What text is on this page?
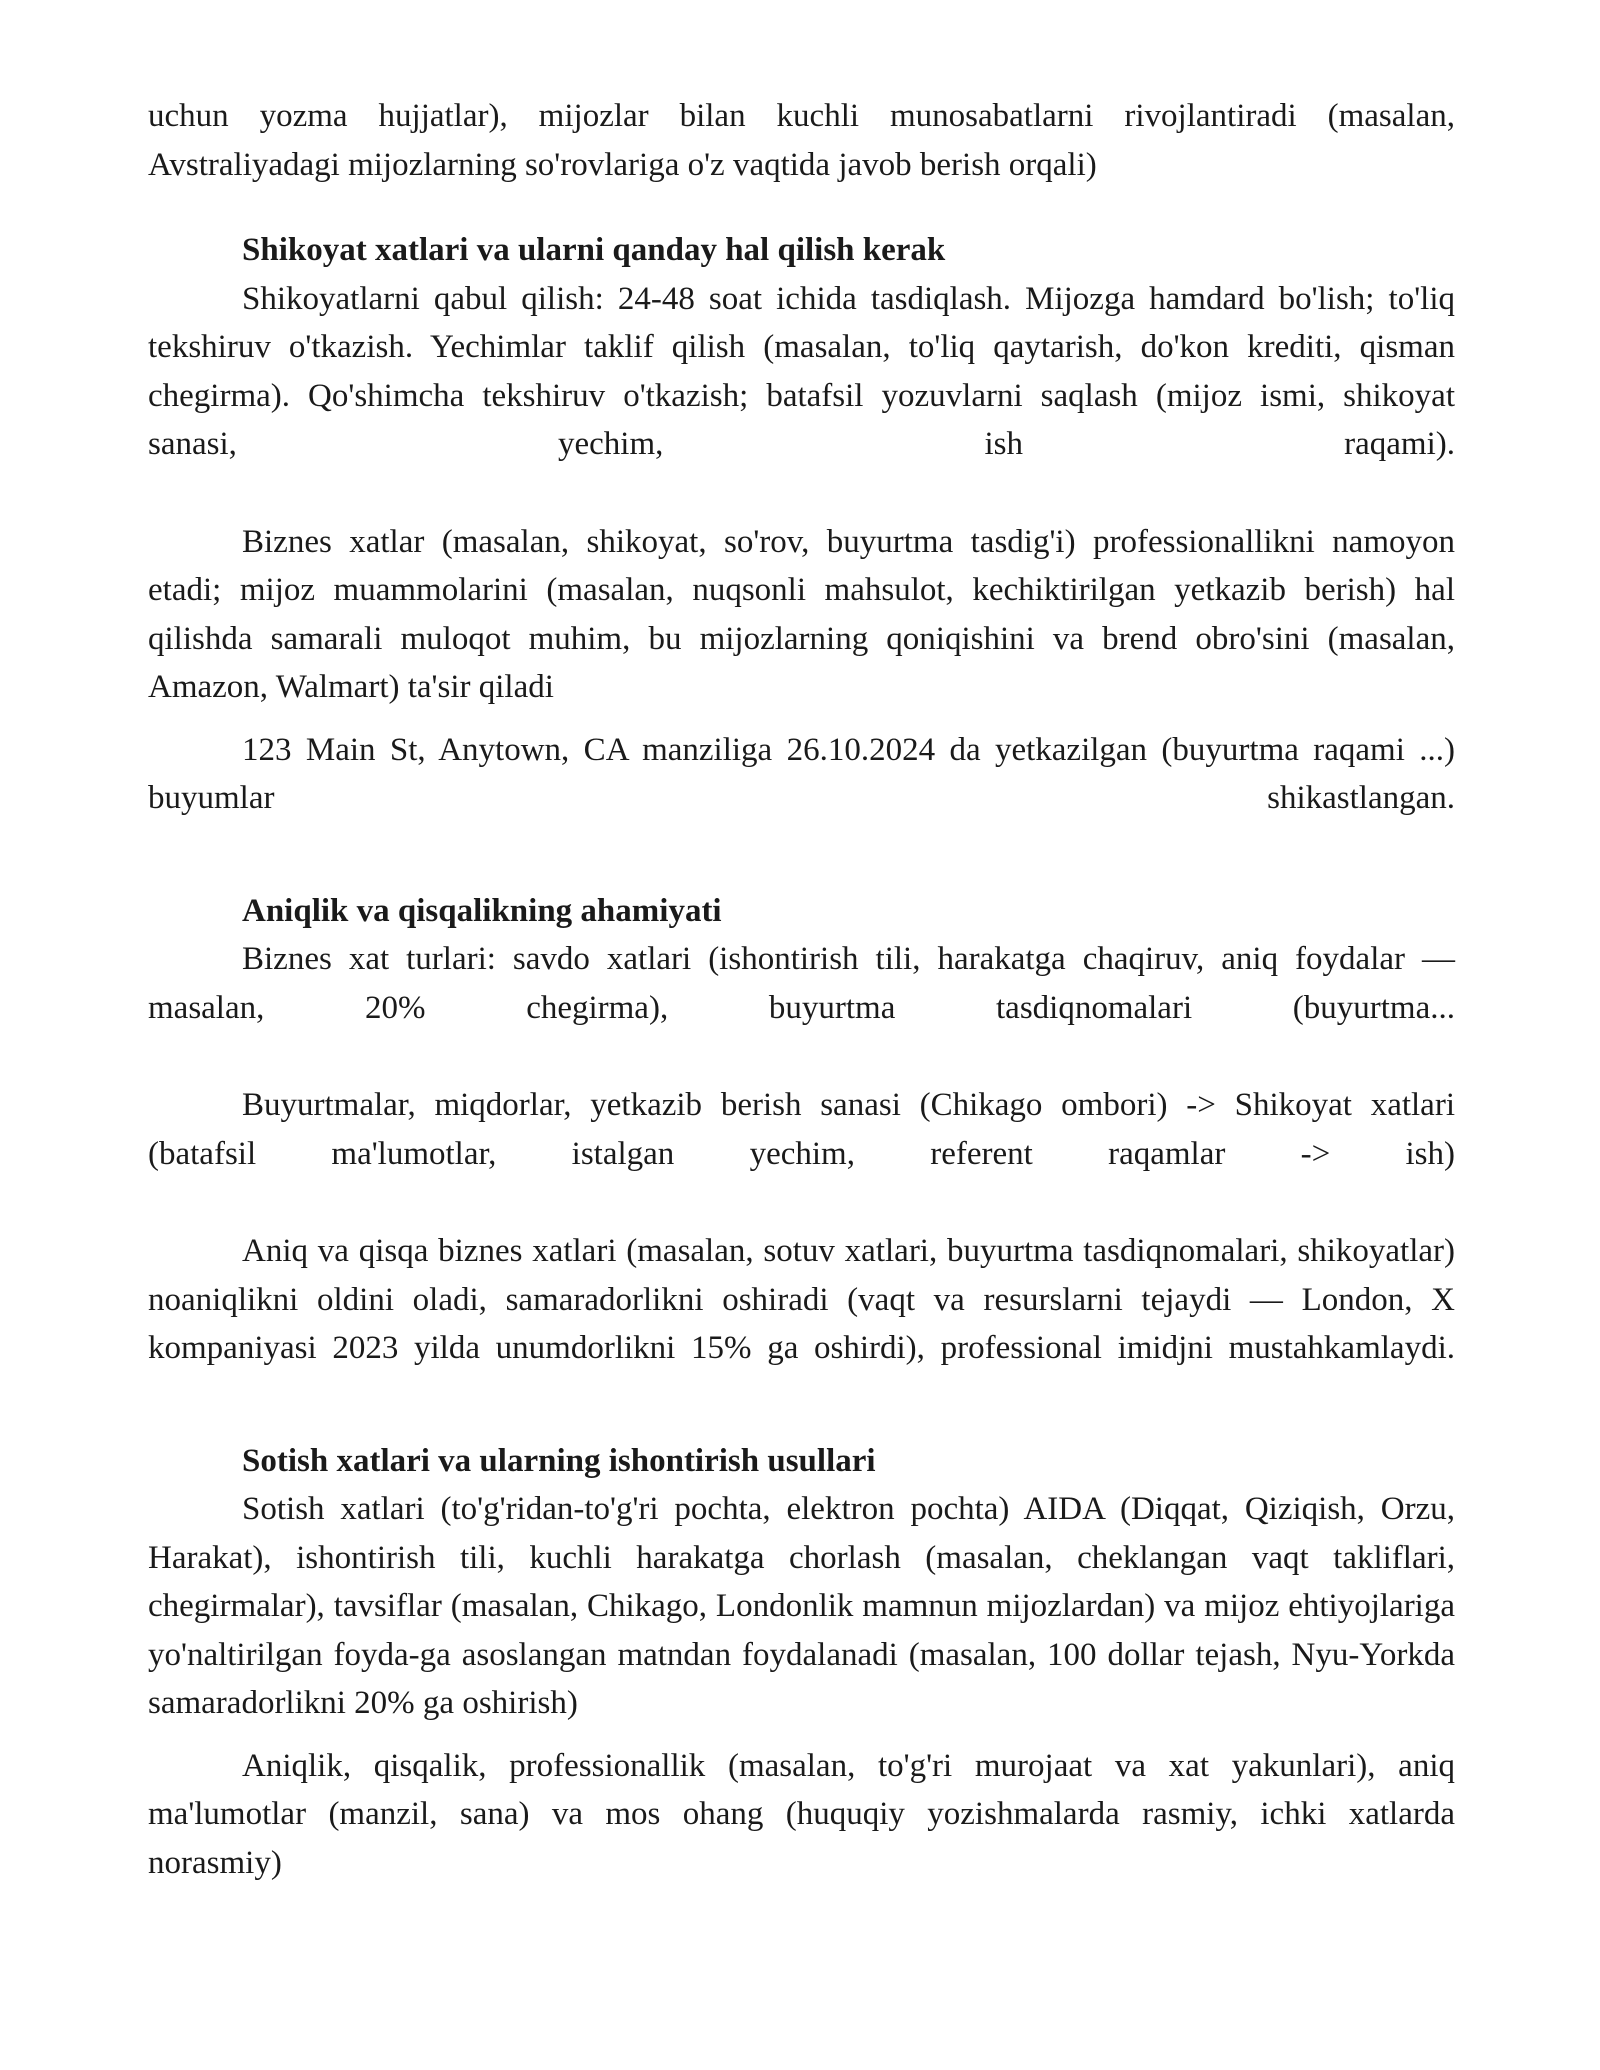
uchun yozma hujjatlar), mijozlar bilan kuchli munosabatlarni rivojlantiradi (masalan, Avstraliyadagi mijozlarning so'rovlariga o'z vaqtida javob berish orqali)

Shikoyat xatlari va ularni qanday hal qilish kerak

Shikoyatlarni qabul qilish: 24-48 soat ichida tasdiqlash. Mijozga hamdard bo'lish; to'liq tekshiruv o'tkazish. Yechimlar taklif qilish (masalan, to'liq qaytarish, do'kon krediti, qisman chegirma). Qo'shimcha tekshiruv o'tkazish; batafsil yozuvlarni saqlash (mijoz ismi, shikoyat sanasi, yechim, ish raqami).

Biznes xatlar (masalan, shikoyat, so'rov, buyurtma tasdig'i) professionallikni namoyon etadi; mijoz muammolarini (masalan, nuqsonli mahsulot, kechiktirilgan yetkazib berish) hal qilishda samarali muloqot muhim, bu mijozlarning qoniqishini va brend obro'sini (masalan, Amazon, Walmart) ta'sir qiladi

123 Main St, Anytown, CA manziliga 26.10.2024 da yetkazilgan (buyurtma raqami ...) buyumlar shikastlangan.

Aniqlik va qisqalikning ahamiyati

Biznes xat turlari: savdo xatlari (ishontirish tili, harakatga chaqiruv, aniq foydalar —masalan, 20% chegirma), buyurtma tasdiqnomalari (buyurtma...

Buyurtmalar, miqdorlar, yetkazib berish sanasi (Chikago ombori) -> Shikoyat xatlari (batafsil ma'lumotlar, istalgan yechim, referent raqamlar -> ish)

Aniq va qisqa biznes xatlari (masalan, sotuv xatlari, buyurtma tasdiqnomalari, shikoyatlar) noaniqlikni oldini oladi, samaradorlikni oshiradi (vaqt va resurslarni tejaydi — London, X kompaniyasi 2023 yilda unumdorlikni 15% ga oshirdi), professional imidjni mustahkamlaydi.

Sotish xatlari va ularning ishontirish usullari

Sotish xatlari (to'g'ridan-to'g'ri pochta, elektron pochta) AIDA (Diqqat, Qiziqish, Orzu, Harakat), ishontirish tili, kuchli harakatga chorlash (masalan, cheklangan vaqt takliflari, chegirmalar), tavsiflar (masalan, Chikago, Londonlik mamnun mijozlardan) va mijoz ehtiyojlariga yo'naltirilgan foyda-ga asoslangan matndan foydalanadi (masalan, 100 dollar tejash, Nyu-Yorkda samaradorlikni 20% ga oshirish)

Aniqlik, qisqalik, professionallik (masalan, to'g'ri murojaat va xat yakunlari), aniq ma'lumotlar (manzil, sana) va mos ohang (huquqiy yozishmalarda rasmiy, ichki xatlarda norasmiy)
